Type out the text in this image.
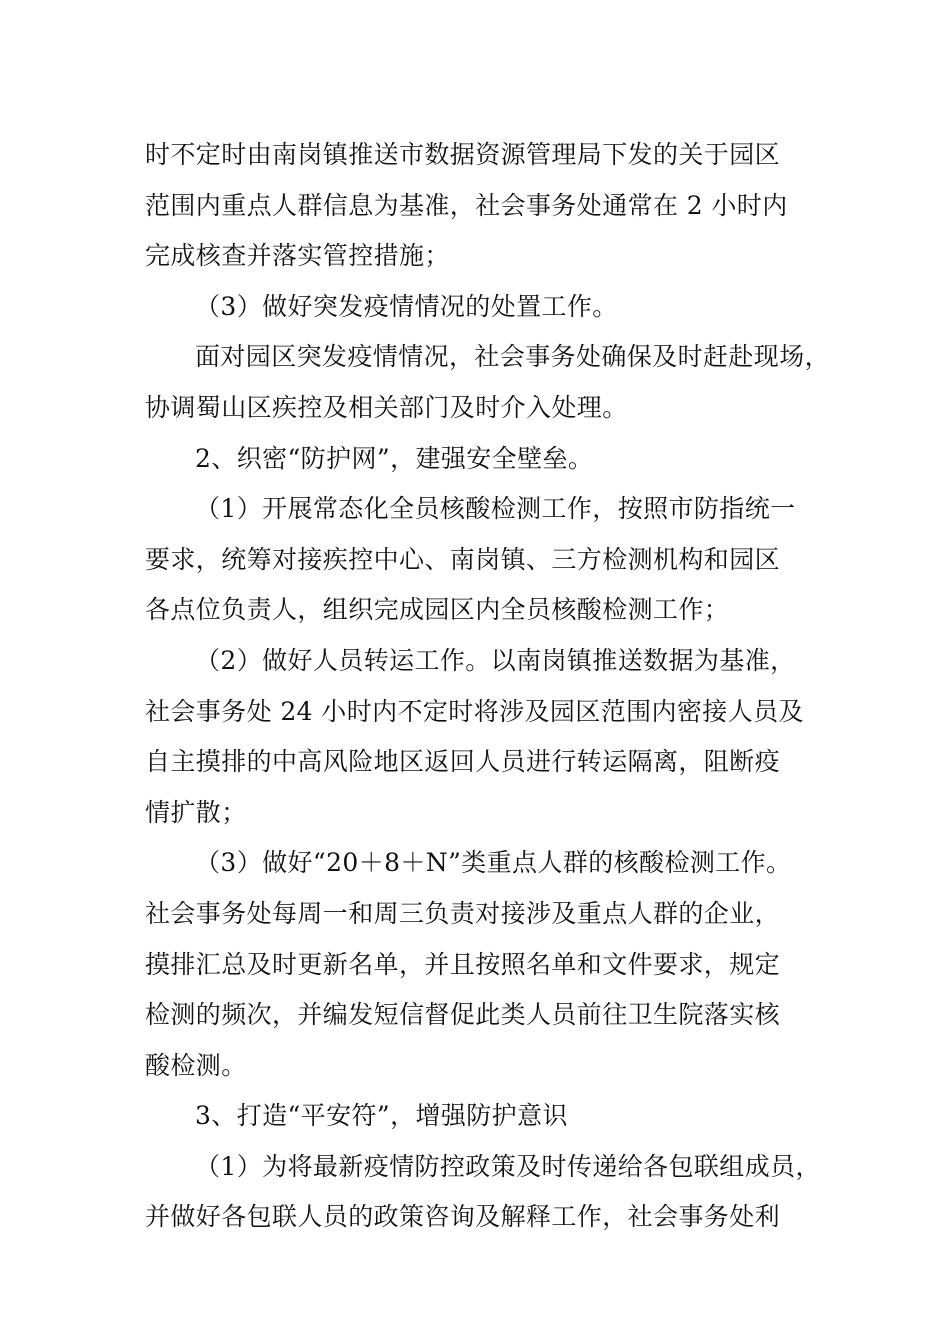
时不定时由南岗镇推送市数据资源管理局下发的关于园区
范围内重点人群信息为基准，社会事务处通常在 2 小时内
完成核查并落实管控措施；
（3）做好突发疫情情况的处置工作。
面对园区突发疫情情况，社会事务处确保及时赶赴现场，
协调蜀山区疾控及相关部门及时介入处理。
2、织密“防护网”，建强安全壁垒。
（1）开展常态化全员核酸检测工作，按照市防指统一
要求，统筹对接疾控中心、南岗镇、三方检测机构和园区
各点位负责人，组织完成园区内全员核酸检测工作；
（2）做好人员转运工作。以南岗镇推送数据为基准，
社会事务处 24 小时内不定时将涉及园区范围内密接人员及
自主摸排的中高风险地区返回人员进行转运隔离，阻断疫
情扩散；
（3）做好“20＋8＋N”类重点人群的核酸检测工作。
社会事务处每周一和周三负责对接涉及重点人群的企业，
摸排汇总及时更新名单，并且按照名单和文件要求，规定
检测的频次，并编发短信督促此类人员前往卫生院落实核
酸检测。
3、打造“平安符”，增强防护意识
（1）为将最新疫情防控政策及时传递给各包联组成员，
并做好各包联人员的政策咨询及解释工作，社会事务处利
